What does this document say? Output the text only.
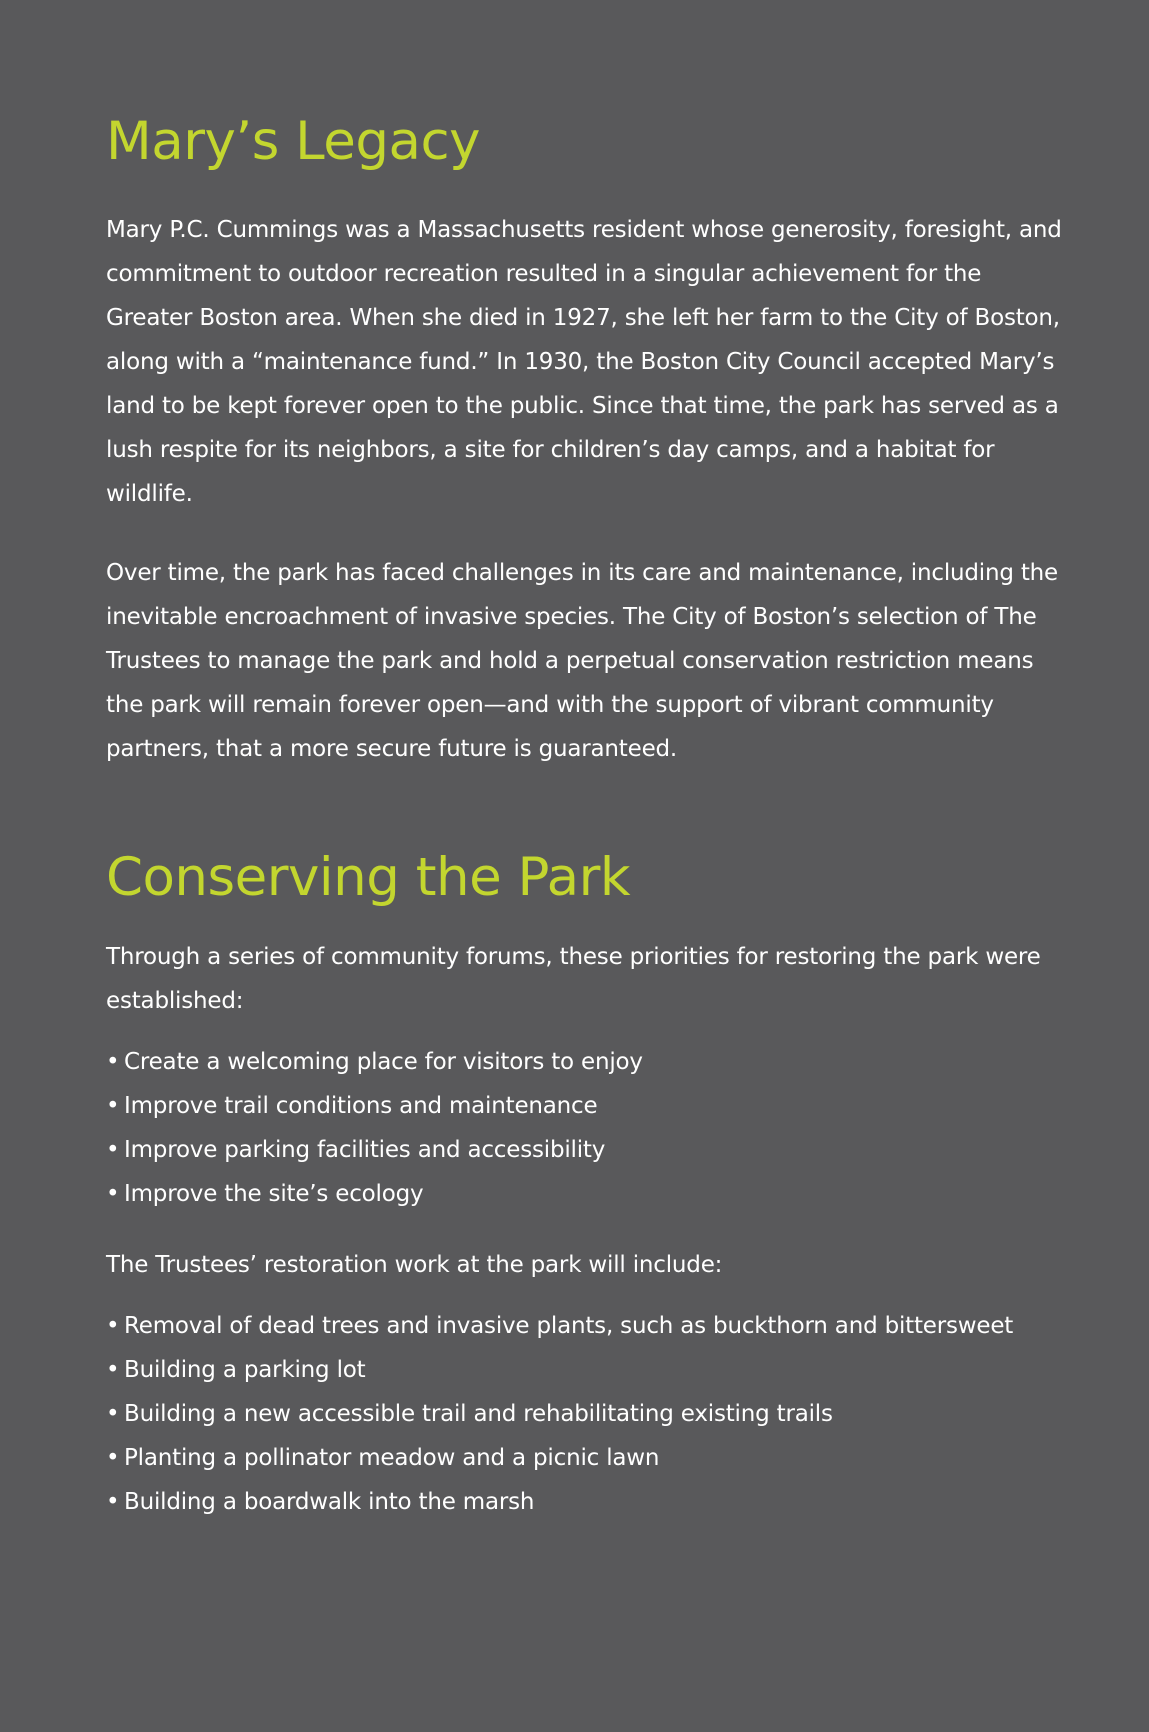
Mary’s Legacy

Mary P.C. Cummings was a Massachusetts resident whose generosity, foresight, and commitment to outdoor recreation resulted in a singular achievement for the Greater Boston area. When she died in 1927, she left her farm to the City of Boston, along with a “maintenance fund.” In 1930, the Boston City Council accepted Mary’s land to be kept forever open to the public. Since that time, the park has served as a lush respite for its neighbors, a site for children’s day camps, and a habitat for wildlife.

Over time, the park has faced challenges in its care and maintenance, including the inevitable encroachment of invasive species. The City of Boston’s selection of The Trustees to manage the park and hold a perpetual conservation restriction means the park will remain forever open—and with the support of vibrant community partners, that a more secure future is guaranteed.

Conserving the Park

Through a series of community forums, these priorities for restoring the park were established:

• Create a welcoming place for visitors to enjoy
• Improve trail conditions and maintenance
• Improve parking facilities and accessibility
• Improve the site’s ecology

The Trustees’ restoration work at the park will include:

• Removal of dead trees and invasive plants, such as buckthorn and bittersweet
• Building a parking lot
• Building a new accessible trail and rehabilitating existing trails
• Planting a pollinator meadow and a picnic lawn
• Building a boardwalk into the marsh
